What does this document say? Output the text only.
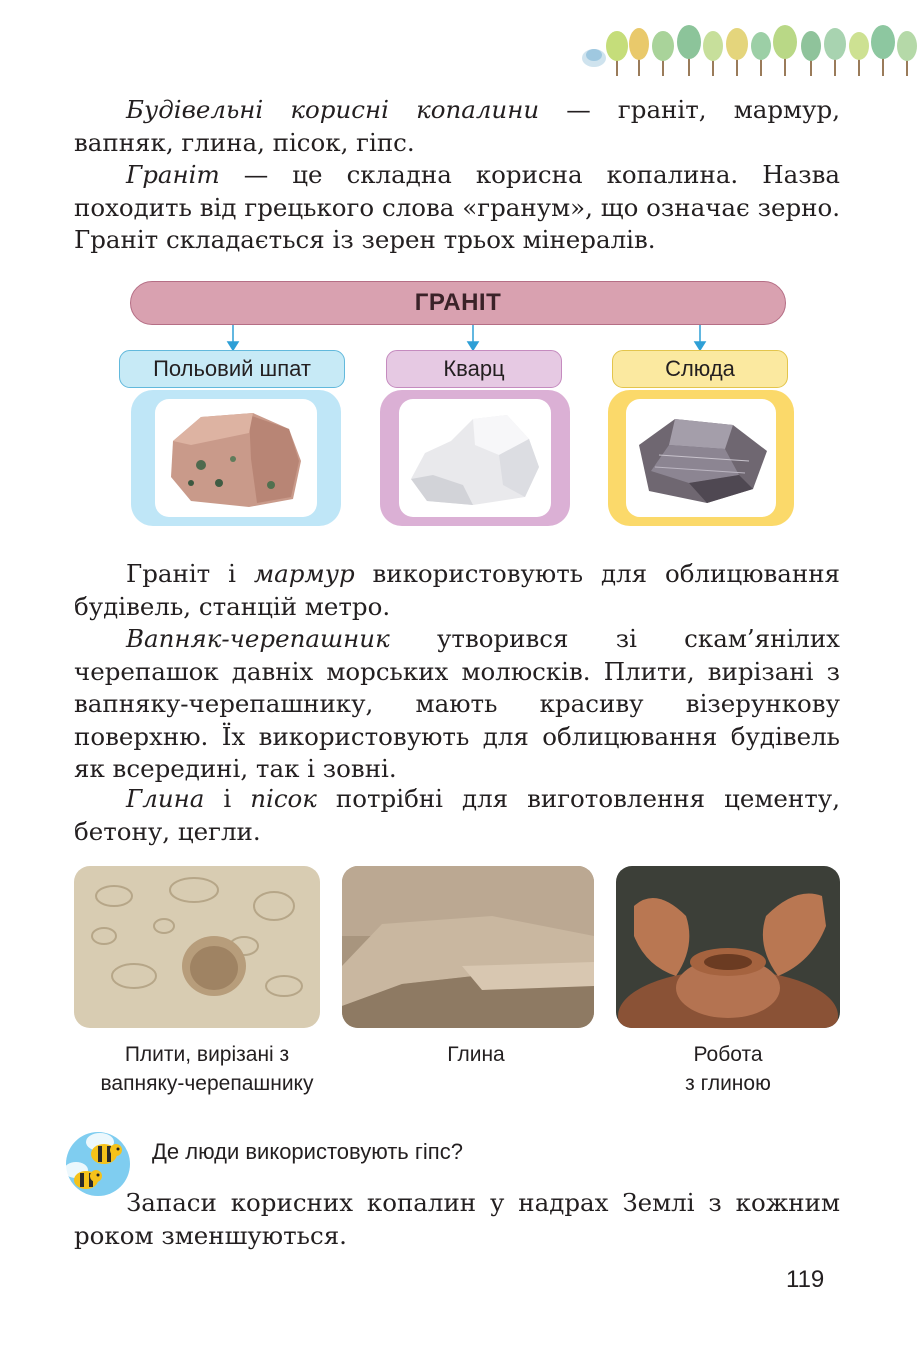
Будівельні корисні копалини — граніт, мармур, вапняк, глина, пісок, гіпс.

Граніт — це складна корисна копалина. Назва походить від грецького слова «гранум», що означає зерно. Граніт складається із зерен трьох мінералів.

ГРАНІТ
Польовий шпат	Кварц	Слюда

Граніт і мармур використовують для облицювання будівель, станцій метро.

Вапняк-черепашник утворився зі скам’янілих черепашок давніх морських молюсків. Плити, вирізані з вапняку-черепашнику, мають красиву візерункову поверхню. Їх використовують для облицювання будівель як всередині, так і зовні.

Глина і пісок потрібні для виготовлення цементу, бетону, цегли.

Плити, вирізані з
вапняку-черепашнику
Глина	Робота
з глиною
Де люди використовують гіпс?

Запаси корисних копалин у надрах Землі з кожним роком зменшуються.

119
